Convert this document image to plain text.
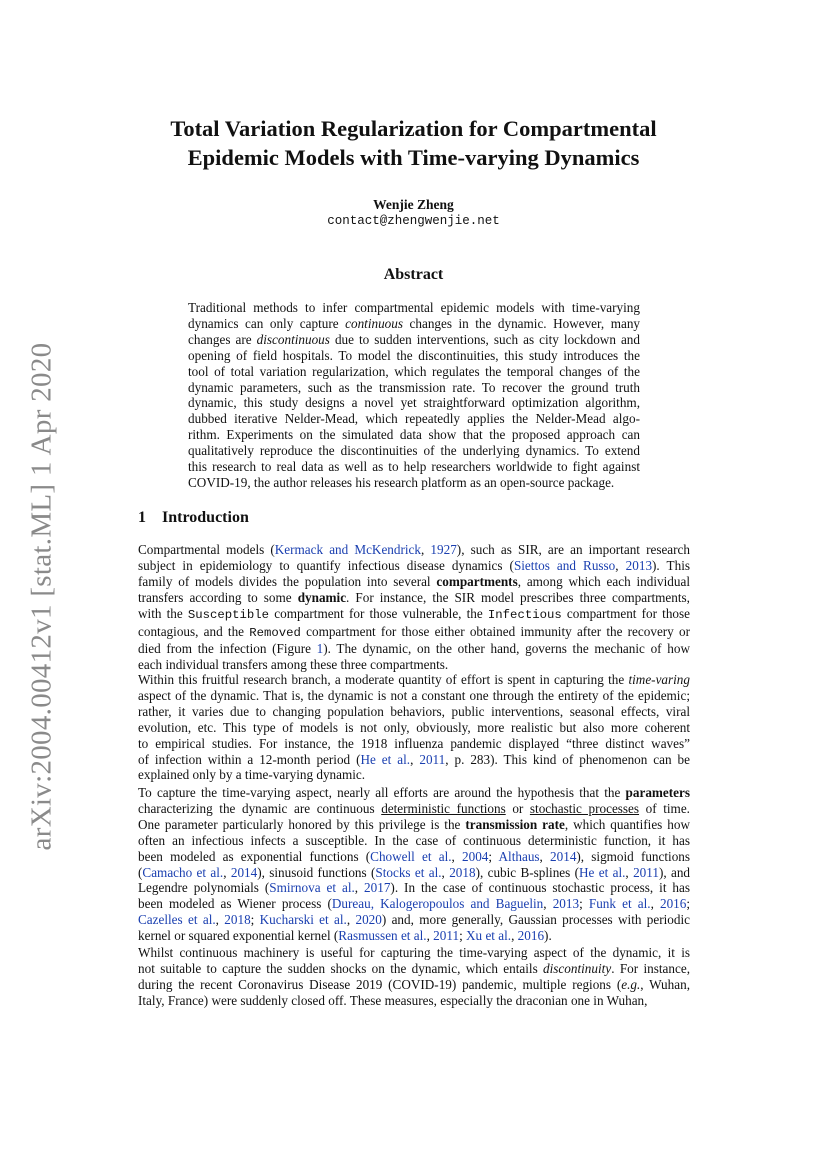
arXiv:2004.00412v1 [stat.ML] 1 Apr 2020
Total Variation Regularization for Compartmental
Epidemic Models with Time-varying Dynamics
Wenjie Zheng
contact@zhengwenjie.net
Abstract
Traditional methods to infer compartmental epidemic models with time-varying
dynamics can only capture continuous changes in the dynamic. However, many
changes are discontinuous due to sudden interventions, such as city lockdown and
opening of field hospitals. To model the discontinuities, this study introduces the
tool of total variation regularization, which regulates the temporal changes of the
dynamic parameters, such as the transmission rate. To recover the ground truth
dynamic, this study designs a novel yet straightforward optimization algorithm,
dubbed iterative Nelder-Mead, which repeatedly applies the Nelder-Mead algo-
rithm. Experiments on the simulated data show that the proposed approach can
qualitatively reproduce the discontinuities of the underlying dynamics. To extend
this research to real data as well as to help researchers worldwide to fight against
COVID-19, the author releases his research platform as an open-source package.
1 Introduction
Compartmental models (Kermack and McKendrick, 1927), such as SIR, are an important research
subject in epidemiology to quantify infectious disease dynamics (Siettos and Russo, 2013). This
family of models divides the population into several compartments, among which each individual
transfers according to some dynamic. For instance, the SIR model prescribes three compartments,
with the Susceptible compartment for those vulnerable, the Infectious compartment for those
contagious, and the Removed compartment for those either obtained immunity after the recovery or
died from the infection (Figure 1). The dynamic, on the other hand, governs the mechanic of how
each individual transfers among these three compartments.
Within this fruitful research branch, a moderate quantity of effort is spent in capturing the time-varing
aspect of the dynamic. That is, the dynamic is not a constant one through the entirety of the epidemic;
rather, it varies due to changing population behaviors, public interventions, seasonal effects, viral
evolution, etc. This type of models is not only, obviously, more realistic but also more coherent
to empirical studies. For instance, the 1918 influenza pandemic displayed “three distinct waves”
of infection within a 12-month period (He et al., 2011, p. 283). This kind of phenomenon can be
explained only by a time-varying dynamic.
To capture the time-varying aspect, nearly all efforts are around the hypothesis that the parameters
characterizing the dynamic are continuous deterministic functions or stochastic processes of time.
One parameter particularly honored by this privilege is the transmission rate, which quantifies how
often an infectious infects a susceptible. In the case of continuous deterministic function, it has
been modeled as exponential functions (Chowell et al., 2004; Althaus, 2014), sigmoid functions
(Camacho et al., 2014), sinusoid functions (Stocks et al., 2018), cubic B-splines (He et al., 2011), and
Legendre polynomials (Smirnova et al., 2017). In the case of continuous stochastic process, it has
been modeled as Wiener process (Dureau, Kalogeropoulos and Baguelin, 2013; Funk et al., 2016;
Cazelles et al., 2018; Kucharski et al., 2020) and, more generally, Gaussian processes with periodic
kernel or squared exponential kernel (Rasmussen et al., 2011; Xu et al., 2016).
Whilst continuous machinery is useful for capturing the time-varying aspect of the dynamic, it is
not suitable to capture the sudden shocks on the dynamic, which entails discontinuity. For instance,
during the recent Coronavirus Disease 2019 (COVID-19) pandemic, multiple regions (e.g., Wuhan,
Italy, France) were suddenly closed off. These measures, especially the draconian one in Wuhan,
